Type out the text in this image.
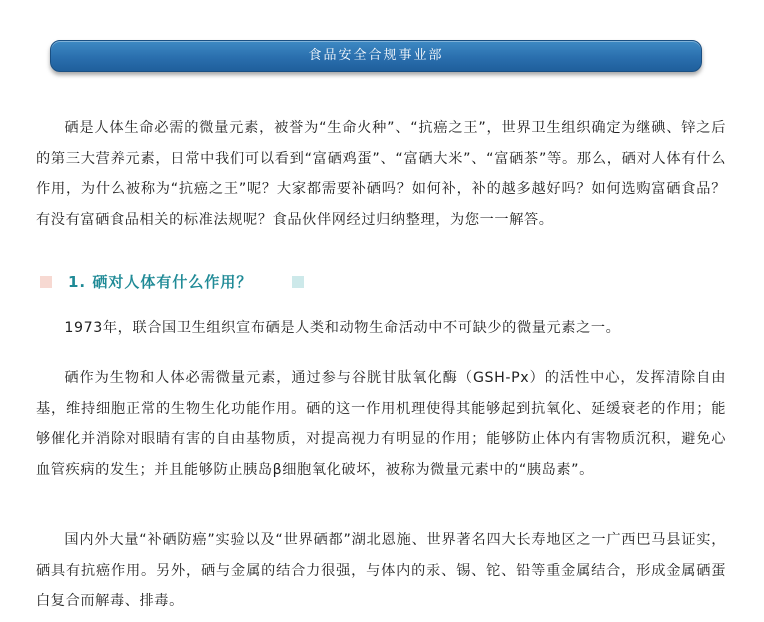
食品安全合规事业部

硒是人体生命必需的微量元素，被誉为“生命火种”、“抗癌之王”，世界卫生组织确定为继碘、锌之后的第三大营养元素，日常中我们可以看到“富硒鸡蛋”、“富硒大米”、“富硒茶”等。那么，硒对人体有什么作用，为什么被称为“抗癌之王”呢？大家都需要补硒吗？如何补，补的越多越好吗？如何选购富硒食品？有没有富硒食品相关的标准法规呢？食品伙伴网经过归纳整理，为您一一解答。

1. 硒对人体有什么作用？

1973年，联合国卫生组织宣布硒是人类和动物生命活动中不可缺少的微量元素之一。

硒作为生物和人体必需微量元素，通过参与谷胱甘肽氧化酶（GSH-Px）的活性中心，发挥清除自由基，维持细胞正常的生物生化功能作用。硒的这一作用机理使得其能够起到抗氧化、延缓衰老的作用；能够催化并消除对眼睛有害的自由基物质，对提高视力有明显的作用；能够防止体内有害物质沉积，避免心血管疾病的发生；并且能够防止胰岛β细胞氧化破坏，被称为微量元素中的“胰岛素”。

国内外大量“补硒防癌”实验以及“世界硒都”湖北恩施、世界著名四大长寿地区之一广西巴马县证实，硒具有抗癌作用。另外，硒与金属的结合力很强，与体内的汞、锡、铊、铅等重金属结合，形成金属硒蛋白复合而解毒、排毒。
